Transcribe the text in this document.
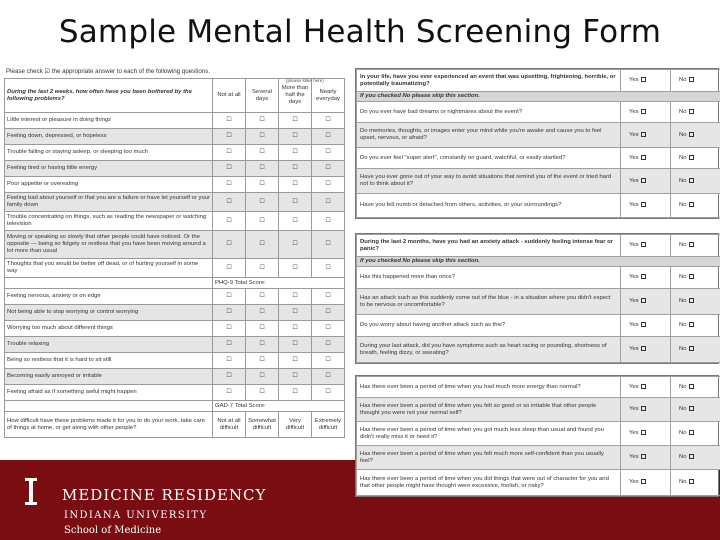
Sample Mental Health Screening Form
MEDICINE RESIDENCY
INDIANA UNIVERSITY
School of Medicine
Please check ☑ the appropriate answer to each of the following questions.
(please stike here)
During the last 2 weeks, how often have you been bothered by the following problems?	Not at all	Several days	More than half the days	Nearly everyday
Little interest or pleasure in doing things	☐	☐	☐	☐
Feeling down, depressed, or hopeless	☐	☐	☐	☐
Trouble falling or staying asleep, or sleeping too much	☐	☐	☐	☐
Feeling tired or having little energy	☐	☐	☐	☐
Poor appetite or overeating	☐	☐	☐	☐
Feeling bad about yourself or that you are a failure or have let yourself or your family down	☐	☐	☐	☐
Trouble concentrating on things, such as reading the newspaper or watching television	☐	☐	☐	☐
Moving or speaking so slowly that other people could have noticed. Or the opposite — being so fidgety or restless that you have been moving around a lot more than usual	☐	☐	☐	☐
Thoughts that you would be better off dead, or of hurting yourself in some way	☐	☐	☐	☐
	PHQ-9 Total Score:			
Feeling nervous, anxiety or on edge	☐	☐	☐	☐
Not being able to stop worrying or control worrying	☐	☐	☐	☐
Worrying too much about different things	☐	☐	☐	☐
Trouble relaxing	☐	☐	☐	☐
Being so restless that it is hard to sit still	☐	☐	☐	☐
Becoming easily annoyed or irritable	☐	☐	☐	☐
Feeling afraid as if something awful might happen	☐	☐	☐	☐
	GAD-7 Total Score:			
How difficult have these problems made it for you to do your work, take care of things at home, or get along with other people?	Not at all difficult	Somewhat difficult	Very difficult	Extremely difficult
In your life, have you ever experienced an event that was upsetting, frightening, horrible, or potentially traumatizing?	Yes	No
If you checked No please skip this section.		
Do you ever have bad dreams or nightmares about the event?	Yes	No
Do memories, thoughts, or images enter your mind while you're awake and cause you to feel upset, nervous, or afraid?	Yes	No
Do you ever feel "super alert", constantly on guard, watchful, or easily startled?	Yes	No
Have you ever gone out of your way to avoid situations that remind you of the event or tried hard not to think about it?	Yes	No
Have you felt numb or detached from others, activities, or your surroundings?	Yes	No
During the last 2 months, have you had an anxiety attack - suddenly feeling intense fear or panic?	Yes	No
If you checked No please skip this section.		
Has this happened more than once?	Yes	No
Has an attack such as this suddenly come out of the blue - in a situation where you didn't expect to be nervous or uncomfortable?	Yes	No
Do you worry about having another attack such as this?	Yes	No
During your last attack, did you have symptoms such as heart racing or pounding, shortness of breath, feeling dizzy, or sweating?	Yes	No
Has there ever been a period of time when you had much more energy than normal?	Yes	No
Has there ever been a period of time when you felt so good or so irritable that other people thought you were not your normal self?	Yes	No
Has there ever been a period of time when you got much less sleep than usual and found you didn't really miss it or need it?	Yes	No
Has there ever been a period of time when you felt much more self-confident than you usually feel?	Yes	No
Has there ever been a period of time when you did things that were out of character for you and that other people might have thought were excessive, foolish, or risky?	Yes	No
